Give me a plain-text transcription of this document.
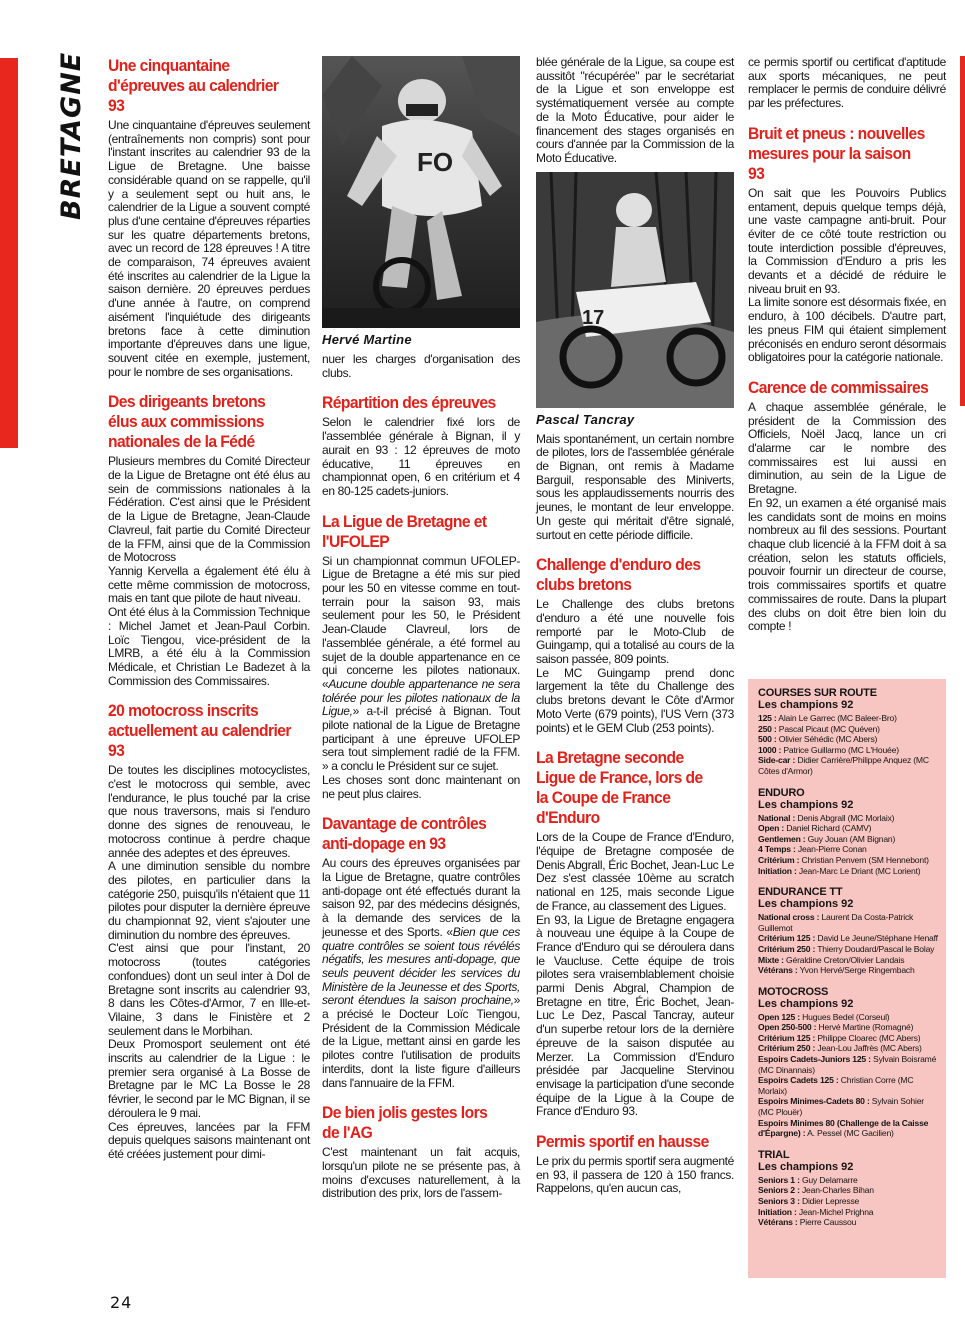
BRETAGNE Une cinquantaine d'épreuves au calendrier 93

Une cinquantaine d'épreuves seulement (entraînements non compris) sont pour l'instant inscrites au calendrier 93 de la Ligue de Bretagne. Une baisse considérable quand on se rappelle, qu'il y a seulement sept ou huit ans, le calendrier de la Ligue a souvent compté plus d'une centaine d'épreuves réparties sur les quatre départements bretons, avec un record de 128 épreuves ! A titre de comparaison, 74 épreuves avaient été inscrites au calendrier de la Ligue la saison dernière. 20 épreuves perdues d'une année à l'autre, on comprend aisément l'inquiétude des dirigeants bretons face à cette diminution importante d'épreuves dans une ligue, souvent citée en exemple, justement, pour le nombre de ses organisations.

Des dirigeants bretons élus aux commissions nationales de la Fédé

Plusieurs membres du Comité Directeur de la Ligue de Bretagne ont été élus au sein de commissions nationales à la Fédération. C'est ainsi que le Président de la Ligue de Bretagne, Jean-Claude Clavreul, fait partie du Comité Directeur de la FFM, ainsi que de la Commission de Motocross

Yannig Kervella a également été élu à cette même commission de motocross, mais en tant que pilote de haut niveau.

Ont été élus à la Commission Technique : Michel Jamet et Jean-Paul Corbin. Loïc Tiengou, vice-président de la LMRB, a été élu à la Commission Médicale, et Christian Le Badezet à la Commission des Commissaires.

20 motocross inscrits actuellement au calendrier 93

De toutes les disciplines motocyclistes, c'est le motocross qui semble, avec l'endurance, le plus touché par la crise que nous traversons, mais si l'enduro donne des signes de renouveau, le motocross continue à perdre chaque année des adeptes et des épreuves.

A une diminution sensible du nombre des pilotes, en particulier dans la catégorie 250, puisqu'ils n'étaient que 11 pilotes pour disputer la dernière épreuve du championnat 92, vient s'ajouter une diminution du nombre des épreuves.

C'est ainsi que pour l'instant, 20 motocross (toutes catégories confondues) dont un seul inter à Dol de Bretagne sont inscrits au calendrier 93, 8 dans les Côtes-d'Armor, 7 en Ille-et-Vilaine, 3 dans le Finistère et 2 seulement dans le Morbihan.

Deux Promosport seulement ont été inscrits au calendrier de la Ligue : le premier sera organisé à La Bosse de Bretagne par le MC La Bosse le 28 février, le second par le MC Bignan, il se déroulera le 9 mai.

Ces épreuves, lancées par la FFM depuis quelques saisons maintenant ont été créées justement pour dimi-

FO
Hervé Martine

nuer les charges d'organisation des clubs.

Répartition des épreuves

Selon le calendrier fixé lors de l'assemblée générale à Bignan, il y aurait en 93 : 12 épreuves de moto éducative, 11 épreuves en championnat open, 6 en critérium et 4 en 80-125 cadets-juniors.

La Ligue de Bretagne et l'UFOLEP

Si un championnat commun UFOLEP-Ligue de Bretagne a été mis sur pied pour les 50 en vitesse comme en tout-terrain pour la saison 93, mais seulement pour les 50, le Président Jean-Claude Clavreul, lors de l'assemblée générale, a été formel au sujet de la double appartenance en ce qui concerne les pilotes nationaux. «Aucune double appartenance ne sera tolérée pour les pilotes nationaux de la Ligue,» a-t-il précisé à Bignan. Tout pilote national de la Ligue de Bretagne participant à une épreuve UFOLEP sera tout simplement radié de la FFM. » a conclu le Président sur ce sujet.

Les choses sont donc maintenant on ne peut plus claires.

Davantage de contrôles anti-dopage en 93

Au cours des épreuves organisées par la Ligue de Bretagne, quatre contrôles anti-dopage ont été effectués durant la saison 92, par des médecins désignés, à la demande des services de la jeunesse et des Sports. «Bien que ces quatre contrôles se soient tous révélés négatifs, les mesures anti-dopage, que seuls peuvent décider les services du Ministère de la Jeunesse et des Sports, seront étendues la saison prochaine,» a précisé le Docteur Loïc Tiengou, Président de la Commission Médicale de la Ligue, mettant ainsi en garde les pilotes contre l'utilisation de produits interdits, dont la liste figure d'ailleurs dans l'annuaire de la FFM.

De bien jolis gestes lors de l'AG

C'est maintenant un fait acquis, lorsqu'un pilote ne se présente pas, à moins d'excuses naturellement, à la distribution des prix, lors de l'assem-

blée générale de la Ligue, sa coupe est aussitôt "récupérée" par le secrétariat de la Ligue et son enveloppe est systématiquement versée au compte de la Moto Éducative, pour aider le financement des stages organisés en cours d'année par la Commission de la Moto Éducative.

17
Pascal Tancray

Mais spontanément, un certain nombre de pilotes, lors de l'assemblée générale de Bignan, ont remis à Madame Barguil, responsable des Miniverts, sous les applaudissements nourris des jeunes, le montant de leur enveloppe. Un geste qui méritait d'être signalé, surtout en cette période difficile.

Challenge d'enduro des clubs bretons

Le Challenge des clubs bretons d'enduro a été une nouvelle fois remporté par le Moto-Club de Guingamp, qui a totalisé au cours de la saison passée, 809 points.

Le MC Guingamp prend donc largement la tête du Challenge des clubs bretons devant le Côte d'Armor Moto Verte (679 points), l'US Vern (373 points) et le GEM Club (253 points).

La Bretagne seconde Ligue de France, lors de la Coupe de France d'Enduro

Lors de la Coupe de France d'Enduro, l'équipe de Bretagne composée de Denis Abgrall, Éric Bochet, Jean-Luc Le Dez s'est classée 10ème au scratch national en 125, mais seconde Ligue de France, au classement des Ligues.

En 93, la Ligue de Bretagne engagera à nouveau une équipe à la Coupe de France d'Enduro qui se déroulera dans le Vaucluse. Cette équipe de trois pilotes sera vraisemblablement choisie parmi Denis Abgral, Champion de Bretagne en titre, Éric Bochet, Jean-Luc Le Dez, Pascal Tancray, auteur d'un superbe retour lors de la dernière épreuve de la saison disputée au Merzer. La Commission d'Enduro présidée par Jacqueline Stervinou envisage la participation d'une seconde équipe de la Ligue à la Coupe de France d'Enduro 93.

Permis sportif en hausse

Le prix du permis sportif sera augmenté en 93, il passera de 120 à 150 francs. Rappelons, qu'en aucun cas,

ce permis sportif ou certificat d'aptitude aux sports mécaniques, ne peut remplacer le permis de conduire délivré par les préfectures.

Bruit et pneus : nouvelles mesures pour la saison 93

On sait que les Pouvoirs Publics entament, depuis quelque temps déjà, une vaste campagne anti-bruit. Pour éviter de ce côté toute restriction ou toute interdiction possible d'épreuves, la Commission d'Enduro a pris les devants et a décidé de réduire le niveau bruit en 93.

La limite sonore est désormais fixée, en enduro, à 100 décibels. D'autre part, les pneus FIM qui étaient simplement préconisés en enduro seront désormais obligatoires pour la catégorie nationale.

Carence de commissaires

A chaque assemblée générale, le président de la Commission des Officiels, Noël Jacq, lance un cri d'alarme car le nombre des commissaires est lui aussi en diminution, au sein de la Ligue de Bretagne.

En 92, un examen a été organisé mais les candidats sont de moins en moins nombreux au fil des sessions. Pourtant chaque club licencié à la FFM doit à sa création, selon les statuts officiels, pouvoir fournir un directeur de course, trois commissaires sportifs et quatre commissaires de route. Dans la plupart des clubs on doit être bien loin du compte !

COURSES SUR ROUTE
Les champions 92
125 : Alain Le Garrec (MC Baleer-Bro)
250 : Pascal Picaut (MC Quéven)
500 : Olivier Séhédic (MC Abers)
1000 : Patrice Guillarmo (MC L'Houée)
Side-car : Didier Carrière/Philippe Anquez (MC Côtes d'Armor)
ENDURO
Les champions 92
National : Denis Abgrall (MC Morlaix)
Open : Daniel Richard (CAMV)
Gentlemen : Guy Jouan (AM Bignan)
4 Temps : Jean-Pierre Conan
Critérium : Christian Penvern (SM Hennebont)
Initiation : Jean-Marc Le Driant (MC Lorient)
ENDURANCE TT
Les champions 92
National cross : Laurent Da Costa-Patrick Guillemot
Critérium 125 : David Le Jeune/Stéphane Henaff
Critérium 250 : Thierry Doudard/Pascal le Bolay
Mixte : Géraldine Creton/Olivier Landais
Vétérans : Yvon Hervé/Serge Ringembach
MOTOCROSS
Les champions 92
Open 125 : Hugues Bedel (Corseul)
Open 250-500 : Hervé Martine (Romagné)
Critérium 125 : Philippe Cloarec (MC Abers)
Critérium 250 : Jean-Lou Jaffrès (MC Abers)
Espoirs Cadets-Juniors 125 : Sylvain Boisramé (MC Dinannais)
Espoirs Cadets 125 : Christian Corre (MC Morlaix)
Espoirs Minimes-Cadets 80 : Sylvain Sohier (MC Plouër)
Espoirs Minimes 80 (Challenge de la Caisse d'Épargne) : A. Pessel (MC Gacilien)
TRIAL
Les champions 92
Seniors 1 : Guy Delamarre
Seniors 2 : Jean-Charles Bihan
Seniors 3 : Didier Lepresse
Initiation : Jean-Michel Prighna
Vétérans : Pierre Caussou
24
